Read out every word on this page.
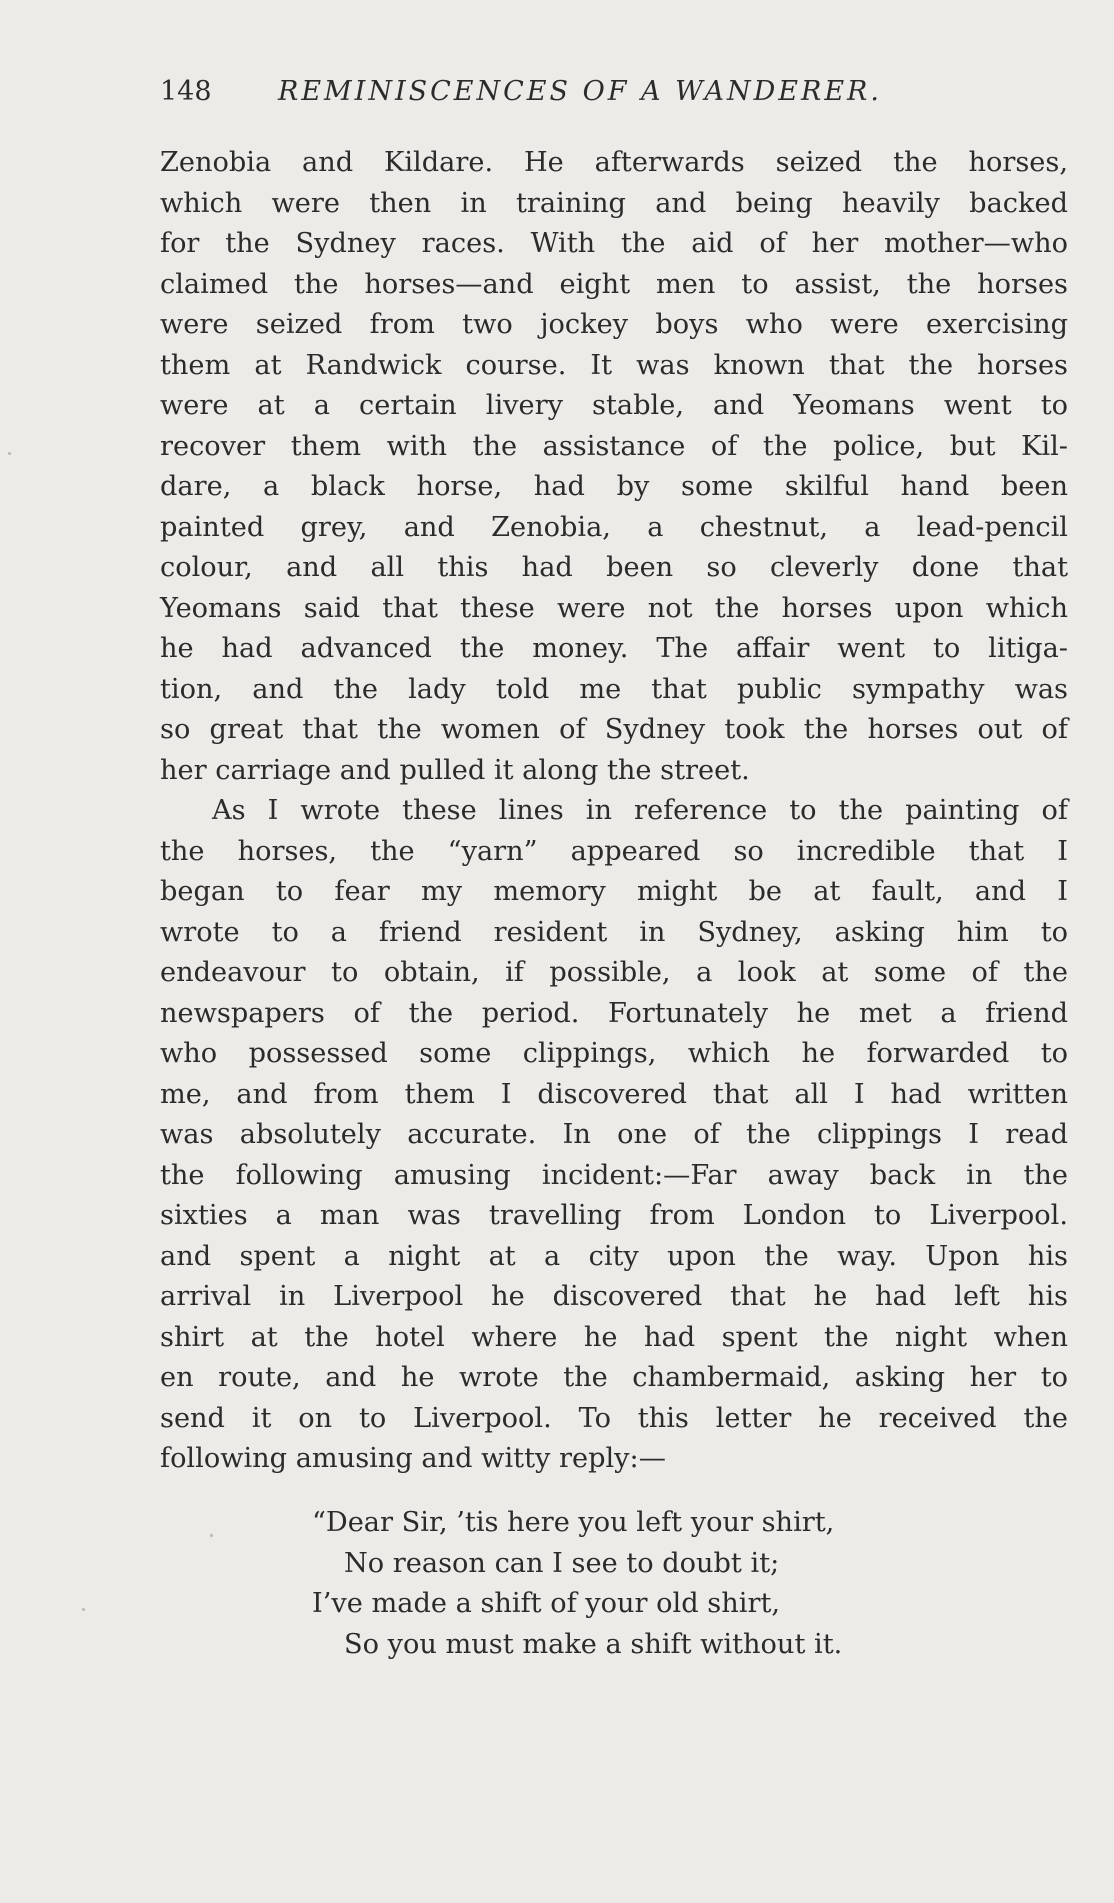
148 REMINISCENCES OF A WANDERER.
Zenobia and Kildare. He afterwards seized the horses,
which were then in training and being heavily backed
for the Sydney races. With the aid of her mother—who
claimed the horses—and eight men to assist, the horses
were seized from two jockey boys who were exercising
them at Randwick course. It was known that the horses
were at a certain livery stable, and Yeomans went to
recover them with the assistance of the police, but Kil-
dare, a black horse, had by some skilful hand been
painted grey, and Zenobia, a chestnut, a lead-pencil
colour, and all this had been so cleverly done that
Yeomans said that these were not the horses upon which
he had advanced the money. The affair went to litiga-
tion, and the lady told me that public sympathy was
so great that the women of Sydney took the horses out of
her carriage and pulled it along the street.
As I wrote these lines in reference to the painting of
the horses, the “yarn” appeared so incredible that I
began to fear my memory might be at fault, and I
wrote to a friend resident in Sydney, asking him to
endeavour to obtain, if possible, a look at some of the
newspapers of the period. Fortunately he met a friend
who possessed some clippings, which he forwarded to
me, and from them I discovered that all I had written
was absolutely accurate. In one of the clippings I read
the following amusing incident:—Far away back in the
sixties a man was travelling from London to Liverpool.
and spent a night at a city upon the way. Upon his
arrival in Liverpool he discovered that he had left his
shirt at the hotel where he had spent the night when
en route, and he wrote the chambermaid, asking her to
send it on to Liverpool. To this letter he received the
following amusing and witty reply:—
“Dear Sir, ’tis here you left your shirt,
No reason can I see to doubt it;
I’ve made a shift of your old shirt,
So you must make a shift without it.
